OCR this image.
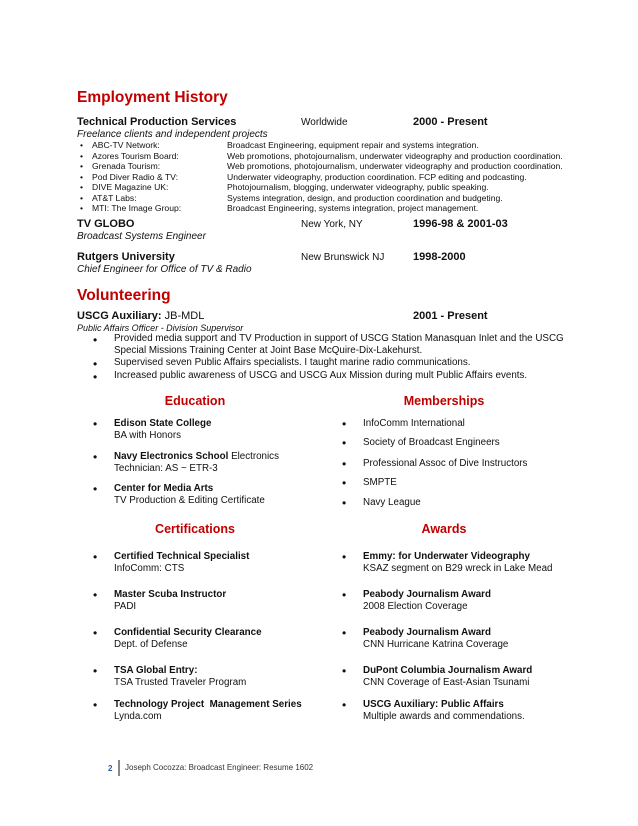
Employment History
Technical Production Services	Worldwide	2000 - Present
Freelance clients and independent projects
• ABC-TV Network:	Broadcast Engineering, equipment repair and systems integration.
• Azores Tourism Board:	Web promotions, photojournalism, underwater videography and production coordination.
• Grenada Tourism:	Web promotions, photojournalism, underwater videography and production coordination.
• Pod Diver Radio & TV:	Underwater videography, production coordination. FCP editing and podcasting.
• DIVE Magazine UK:	Photojournalism, blogging, underwater videography, public speaking.
• AT&T Labs:	Systems integration, design, and production coordination and budgeting.
• MTI: The Image Group:	Broadcast Engineering, systems integration, project management.
TV GLOBO	New York, NY	1996-98 & 2001-03
Broadcast Systems Engineer
Rutgers University	New Brunswick NJ	1998-2000
Chief Engineer for Office of TV & Radio
Volunteering
USCG Auxiliary: JB-MDL	2001 - Present
Public Affairs Officer - Division Supervisor
• Provided media support and TV Production in support of USCG Station Manasquan Inlet and the USCG Special Missions Training Center at Joint Base McQuire-Dix-Lakehurst.
• Supervised seven Public Affairs specialists. I taught marine radio communications.
• Increased public awareness of USCG and USCG Aux Mission during mult Public Affairs events.
Education	Memberships
• Edison State College
BA with Honors
• Navy Electronics School Electronics
Technician: AS ~ ETR-3
• Center for Media Arts
TV Production & Editing Certificate
• InfoComm International
• Society of Broadcast Engineers
• Professional Assoc of Dive Instructors
• SMPTE
• Navy League
Certifications	Awards
• Certified Technical Specialist
InfoComm: CTS
• Master Scuba Instructor
PADI
• Confidential Security Clearance
Dept. of Defense
• TSA Global Entry:
TSA Trusted Traveler Program
• Technology Project  Management Series
Lynda.com
• Emmy: for Underwater Videography
KSAZ segment on B29 wreck in Lake Mead
• Peabody Journalism Award
2008 Election Coverage
• Peabody Journalism Award
CNN Hurricane Katrina Coverage
• DuPont Columbia Journalism Award
CNN Coverage of East-Asian Tsunami
• USCG Auxiliary: Public Affairs
Multiple awards and commendations.
2 Joseph Cocozza: Broadcast Engineer: Resume 1602
